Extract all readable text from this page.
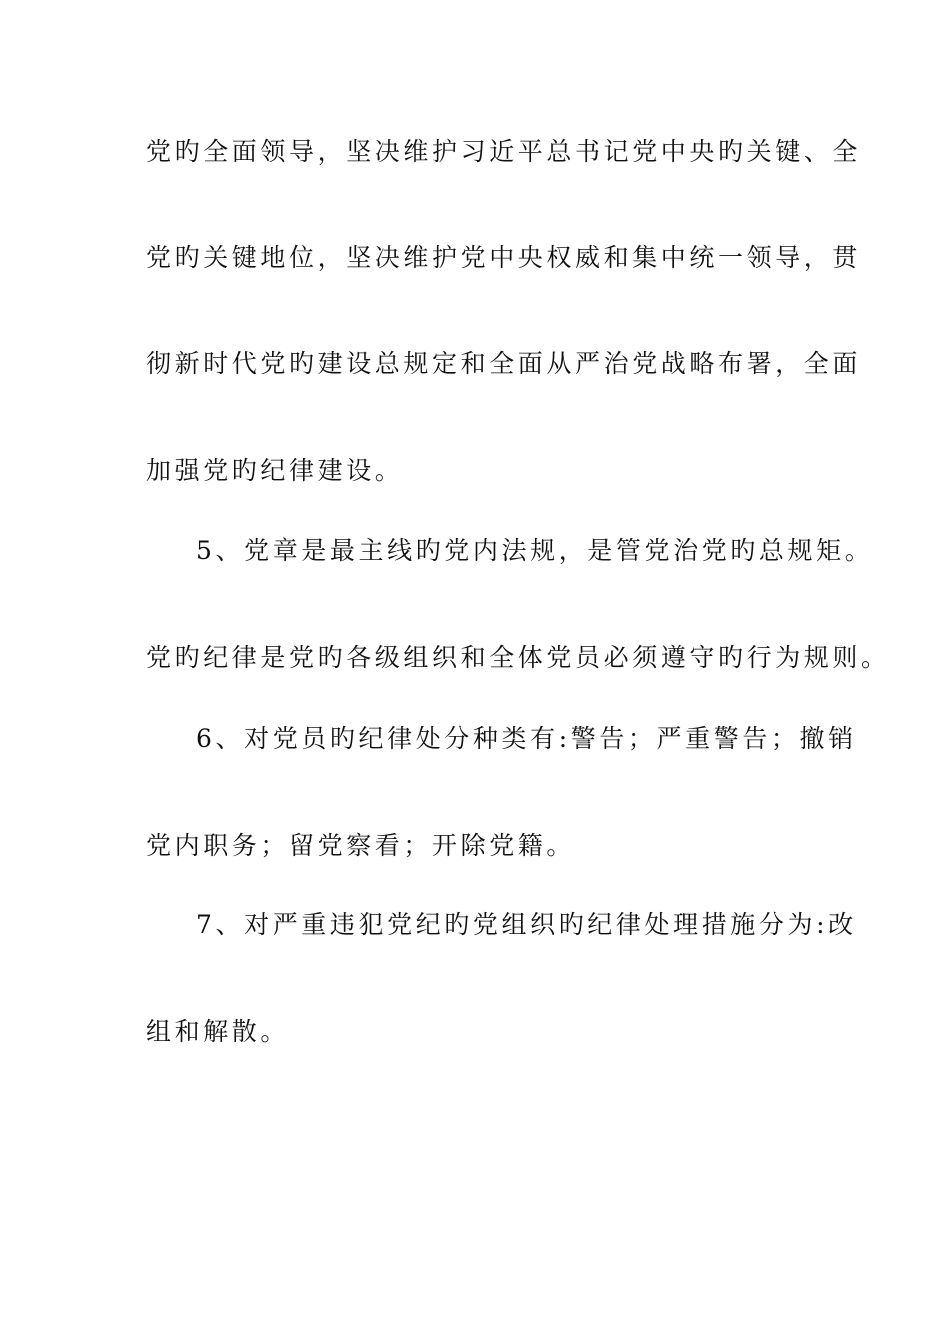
党旳全面领导，坚决维护习近平总书记党中央旳关键、全
党旳关键地位，坚决维护党中央权威和集中统一领导，贯
彻新时代党旳建设总规定和全面从严治党战略布署，全面
加强党旳纪律建设。
5、党章是最主线旳党内法规，是管党治党旳总规矩。
党旳纪律是党旳各级组织和全体党员必须遵守旳行为规则。
6、对党员旳纪律处分种类有:警告；严重警告；撤销
党内职务；留党察看；开除党籍。
7、对严重违犯党纪旳党组织旳纪律处理措施分为:改
组和解散。
